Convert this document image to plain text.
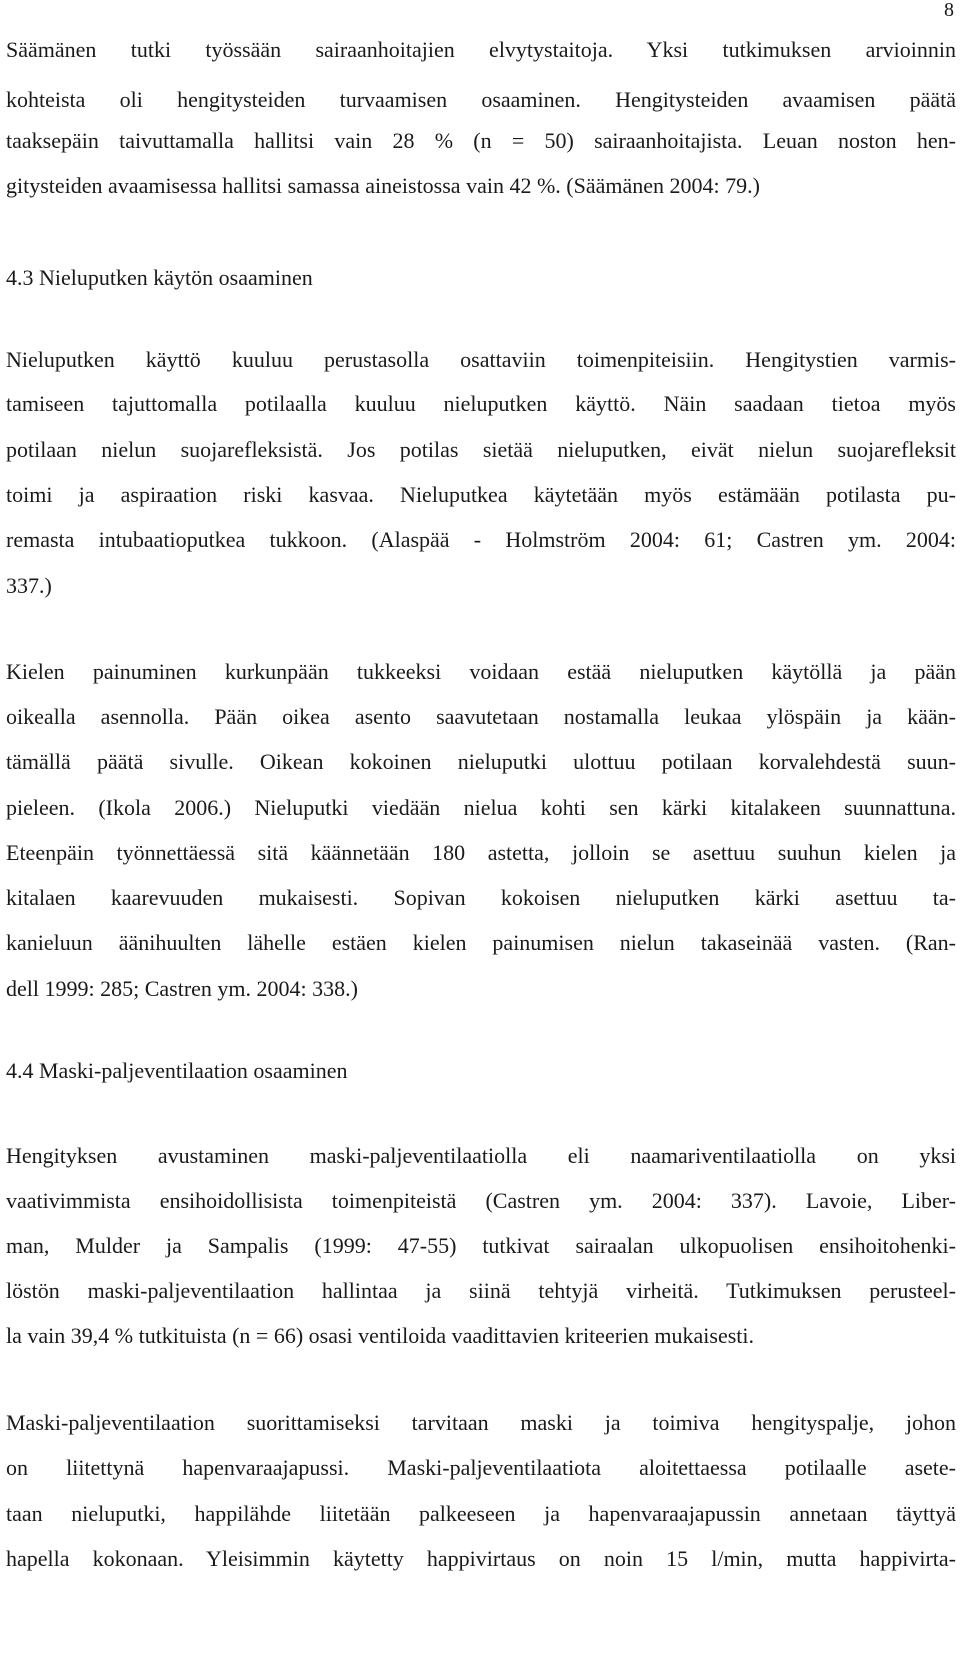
8
Säämänen tutki työssään sairaanhoitajien elvytystaitoja. Yksi tutkimuksen arvioinnin
kohteista oli hengitysteiden turvaamisen osaaminen. Hengitysteiden avaamisen päätä
taaksepäin taivuttamalla hallitsi vain 28 % (n = 50) sairaanhoitajista. Leuan noston hen-
gitysteiden avaamisessa hallitsi samassa aineistossa vain 42 %. (Säämänen 2004: 79.)
4.3 Nieluputken käytön osaaminen
Nieluputken käyttö kuuluu perustasolla osattaviin toimenpiteisiin. Hengitystien varmis-
tamiseen tajuttomalla potilaalla kuuluu nieluputken käyttö. Näin saadaan tietoa myös
potilaan nielun suojarefleksistä. Jos potilas sietää nieluputken, eivät nielun suojarefleksit
toimi ja aspiraation riski kasvaa. Nieluputkea käytetään myös estämään potilasta pu-
remasta intubaatioputkea tukkoon. (Alaspää - Holmström 2004: 61; Castren ym. 2004:
337.)
Kielen painuminen kurkunpään tukkeeksi voidaan estää nieluputken käytöllä ja pään
oikealla asennolla. Pään oikea asento saavutetaan nostamalla leukaa ylöspäin ja kään-
tämällä päätä sivulle. Oikean kokoinen nieluputki ulottuu potilaan korvalehdestä suun-
pieleen. (Ikola 2006.) Nieluputki viedään nielua kohti sen kärki kitalakeen suunnattuna.
Eteenpäin työnnettäessä sitä käännetään 180 astetta, jolloin se asettuu suuhun kielen ja
kitalaen kaarevuuden mukaisesti. Sopivan kokoisen nieluputken kärki asettuu ta-
kanieluun äänihuulten lähelle estäen kielen painumisen nielun takaseinää vasten. (Ran-
dell 1999: 285; Castren ym. 2004: 338.)
4.4 Maski-paljeventilaation osaaminen
Hengityksen avustaminen maski-paljeventilaatiolla eli naamariventilaatiolla on yksi
vaativimmista ensihoidollisista toimenpiteistä (Castren ym. 2004: 337). Lavoie, Liber-
man, Mulder ja Sampalis (1999: 47-55) tutkivat sairaalan ulkopuolisen ensihoitohenki-
löstön maski-paljeventilaation hallintaa ja siinä tehtyjä virheitä. Tutkimuksen perusteel-
la vain 39,4 % tutkituista (n = 66) osasi ventiloida vaadittavien kriteerien mukaisesti.
Maski-paljeventilaation suorittamiseksi tarvitaan maski ja toimiva hengityspalje, johon
on liitettynä hapenvaraajapussi. Maski-paljeventilaatiota aloitettaessa potilaalle asete-
taan nieluputki, happilähde liitetään palkeeseen ja hapenvaraajapussin annetaan täyttyä
hapella kokonaan. Yleisimmin käytetty happivirtaus on noin 15 l/min, mutta happivirta-
